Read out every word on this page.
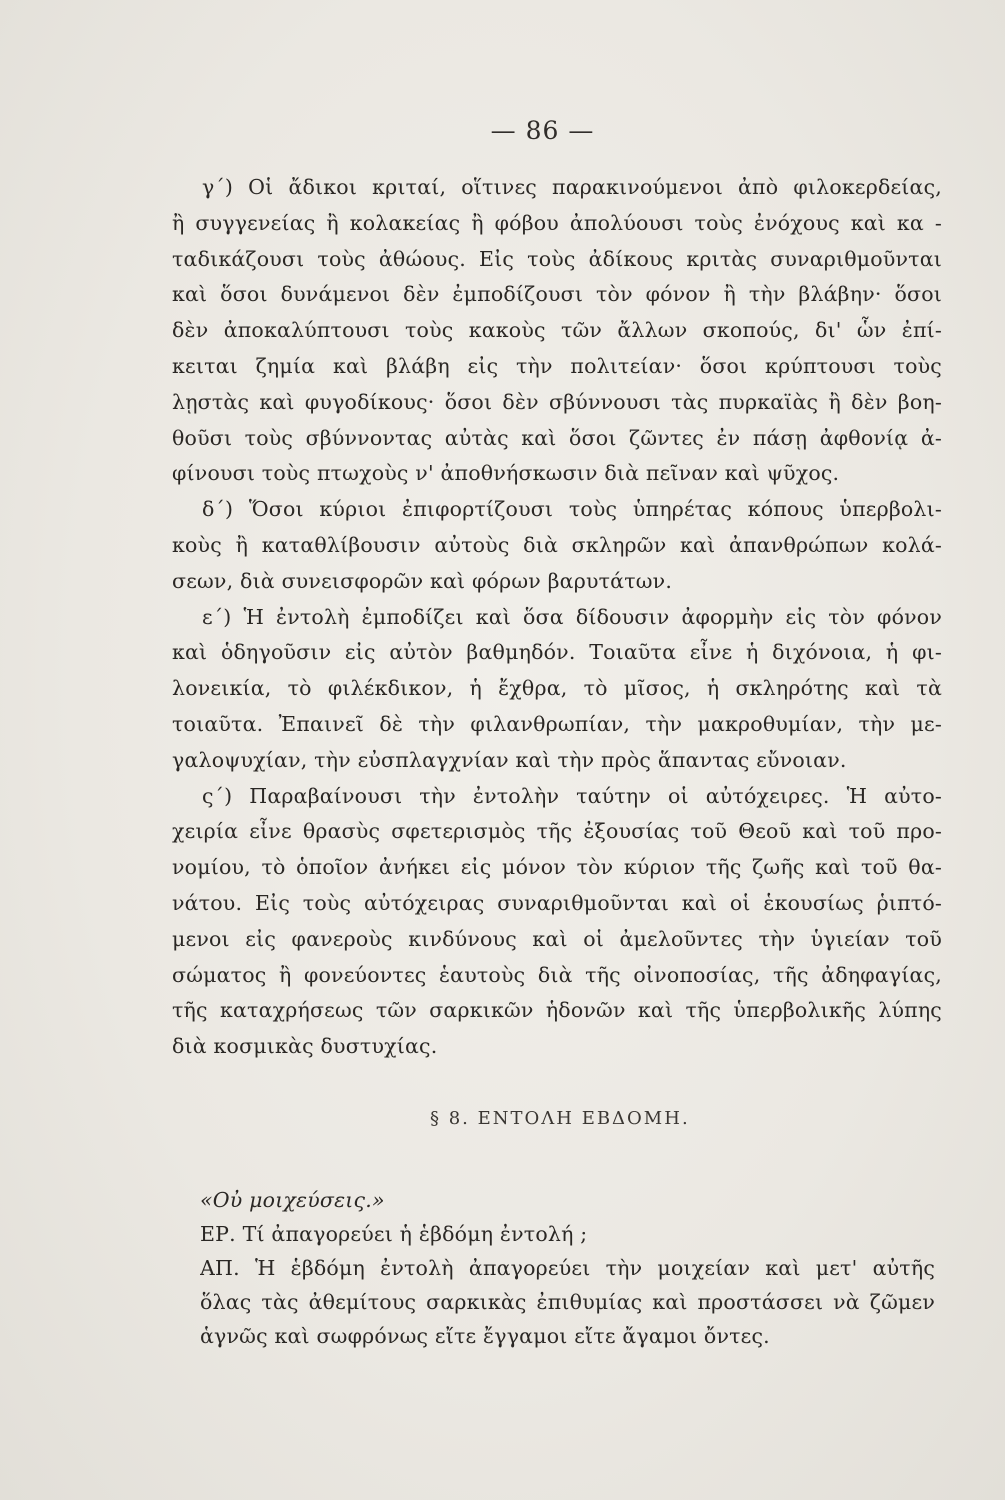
— 86 —
γ΄) Οἱ ἄδικοι κριταί, οἵτινες παρακινούμενοι ἀπὸ φιλοκερδείας,
ἢ συγγενείας ἢ κολακείας ἢ φόβου ἀπολύουσι τοὺς ἐνόχους καὶ κα -
ταδικάζουσι τοὺς ἀθώους. Εἰς τοὺς ἀδίκους κριτὰς συναριθμοῦνται
καὶ ὅσοι δυνάμενοι δὲν ἐμποδίζουσι τὸν φόνον ἢ τὴν βλάβην· ὅσοι
δὲν ἀποκαλύπτουσι τοὺς κακοὺς τῶν ἄλλων σκοπούς, δι' ὧν ἐπί-
κειται ζημία καὶ βλάβη εἰς τὴν πολιτείαν· ὅσοι κρύπτουσι τοὺς
λῃστὰς καὶ φυγοδίκους· ὅσοι δὲν σβύννουσι τὰς πυρκαϊὰς ἢ δὲν βοη-
θοῦσι τοὺς σβύννοντας αὐτὰς καὶ ὅσοι ζῶντες ἐν πάσῃ ἀφθονίᾳ ἀ-
φίνουσι τοὺς πτωχοὺς ν' ἀποθνήσκωσιν διὰ πεῖναν καὶ ψῦχος.
δ΄) Ὅσοι κύριοι ἐπιφορτίζουσι τοὺς ὑπηρέτας κόπους ὑπερβολι-
κοὺς ἢ καταθλίβουσιν αὐτοὺς διὰ σκληρῶν καὶ ἀπανθρώπων κολά-
σεων, διὰ συνεισφορῶν καὶ φόρων βαρυτάτων.
ε΄) Ἡ ἐντολὴ ἐμποδίζει καὶ ὅσα δίδουσιν ἀφορμὴν εἰς τὸν φόνον
καὶ ὁδηγοῦσιν εἰς αὐτὸν βαθμηδόν. Τοιαῦτα εἶνε ἡ διχόνοια, ἡ φι-
λονεικία, τὸ φιλέκδικον, ἡ ἔχθρα, τὸ μῖσος, ἡ σκληρότης καὶ τὰ
τοιαῦτα. Ἐπαινεῖ δὲ τὴν φιλανθρωπίαν, τὴν μακροθυμίαν, τὴν με-
γαλοψυχίαν, τὴν εὐσπλαγχνίαν καὶ τὴν πρὸς ἅπαντας εὔνοιαν.
ς΄) Παραβαίνουσι τὴν ἐντολὴν ταύτην οἱ αὐτόχειρες. Ἡ αὐτο-
χειρία εἶνε θρασὺς σφετερισμὸς τῆς ἐξουσίας τοῦ Θεοῦ καὶ τοῦ προ-
νομίου, τὸ ὁποῖον ἀνήκει εἰς μόνον τὸν κύριον τῆς ζωῆς καὶ τοῦ θα-
νάτου. Εἰς τοὺς αὐτόχειρας συναριθμοῦνται καὶ οἱ ἑκουσίως ῥιπτό-
μενοι εἰς φανεροὺς κινδύνους καὶ οἱ ἀμελοῦντες τὴν ὑγιείαν τοῦ
σώματος ἢ φονεύοντες ἑαυτοὺς διὰ τῆς οἰνοποσίας, τῆς ἀδηφαγίας,
τῆς καταχρήσεως τῶν σαρκικῶν ἡδονῶν καὶ τῆς ὑπερβολικῆς λύπης
διὰ κοσμικὰς δυστυχίας.
§ 8. ΕΝΤΟΛΗ ΕΒΔΟΜΗ.
«Οὐ μοιχεύσεις.»
ΕΡ. Τί ἀπαγορεύει ἡ ἑβδόμη ἐντολή ;
ΑΠ. Ἡ ἑβδόμη ἐντολὴ ἀπαγορεύει τὴν μοιχείαν καὶ μετ' αὐτῆς
ὅλας τὰς ἀθεμίτους σαρκικὰς ἐπιθυμίας καὶ προστάσσει νὰ ζῶμεν
ἁγνῶς καὶ σωφρόνως εἴτε ἔγγαμοι εἴτε ἄγαμοι ὄντες.
